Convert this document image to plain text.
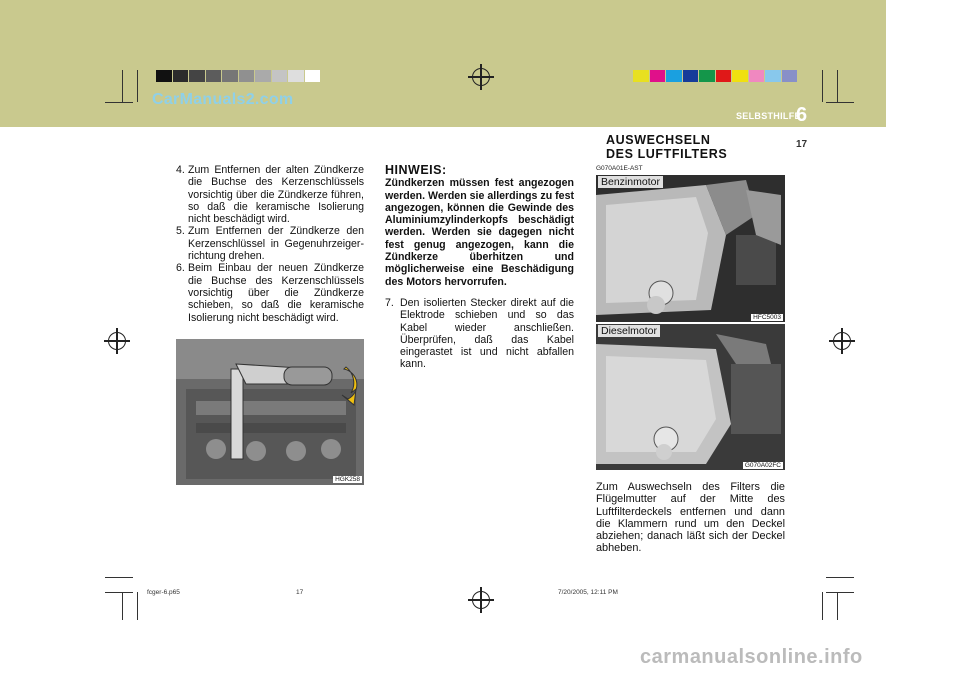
CarManuals2.com
SELBSTHILFE
6
17
AUSWECHSELN
DES LUFTFILTERS
4. Zum Entfernen der alten Zündkerze die Buchse des Kerzenschlüssels vorsichtig über die Zündkerze führen, so daß die keramische Isolierung nicht beschädigt wird.
5. Zum Entfernen der Zündkerze den Kerzenschlüssel in Gegenuhrzeiger-richtung drehen.
6. Beim Einbau der neuen Zündkerze die Buchse des Kerzenschlüssels vorsichtig über die Zündkerze schieben, so daß die keramische Isolierung nicht beschädigt wird.
HGK258
HINWEIS:
Zündkerzen müssen fest angezogen werden. Werden sie allerdings zu fest angezogen, können die Gewinde des Aluminiumzylinderkopfs beschädigt werden. Werden sie dagegen nicht fest genug angezogen, kann die Zündkerze überhitzen und möglicherweise eine Beschädigung des Motors hervorrufen.
7. Den isolierten Stecker direkt auf die Elektrode schieben und so das Kabel wieder anschließen. Überprüfen, daß das Kabel eingerastet ist und nicht abfallen kann.
G070A01E-AST
Benzinmotor
HFC5003
Dieselmotor
G070A02FC
Zum Auswechseln des Filters die Flügelmutter auf der Mitte des Luftfilterdeckels entfernen und dann die Klammern rund um den Deckel abziehen; danach läßt sich der Deckel abheben.
fcger-6.p65	17	7/20/2005, 12:11 PM
carmanualsonline.info
